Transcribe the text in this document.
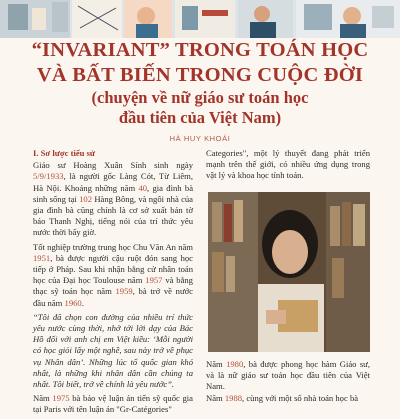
“INVARIANT” TRONG TOÁN HỌC
VÀ BẤT BIẾN TRONG CUỘC ĐỜI
(chuyện về nữ giáo sư toán học
đầu tiên của Việt Nam)
HÀ HUY KHOÁI
I. Sơ lược tiểu sử

Giáo sư Hoàng Xuân Sính sinh ngày 5/9/1933, là người gốc Làng Cót, Từ Liêm, Hà Nội. Khoảng những năm 40, gia đình bà sinh sống tại 102 Hàng Bông, và ngôi nhà của gia đình bà cũng chính là cơ sở xuất bản tờ báo Thanh Nghị, tiếng nói của trí thức yêu nước thời bấy giờ.

Tốt nghiệp trường trung học Chu Văn An năm 1951, bà được người cậu ruột đón sang học tiếp ở Pháp. Sau khi nhận bằng cử nhân toán học của Đại học Toulouse năm 1957 và bằng thạc sỹ toán học năm 1959, bà trở về nước đầu năm 1960.

“Tôi đã chọn con đường của nhiều trí thức yêu nước cùng thời, nhớ tới lời dạy của Bác Hồ đối với anh chị em Việt kiều: ‘Mỗi người có học giỏi lấy một nghề, sau này trở về phục vụ Nhân dân’. Những lúc tổ quốc gian khó nhất, là những khi nhân dân cần chúng ta nhất. Tôi biết, trở về chính là yêu nước”.

Năm 1975 bà bảo vệ luận án tiến sỹ quốc gia tại Paris với tên luận án "Gr-Catégories"

Categories", một lý thuyết đang phát triển mạnh trên thế giới, có nhiều ứng dụng trong vật lý và khoa học tính toán.

Năm 1980, bà được phong học hàm Giáo sư, và là nữ giáo sư toán học đầu tiên của Việt Nam.

Năm 1988, cùng với một số nhà toán học bà
